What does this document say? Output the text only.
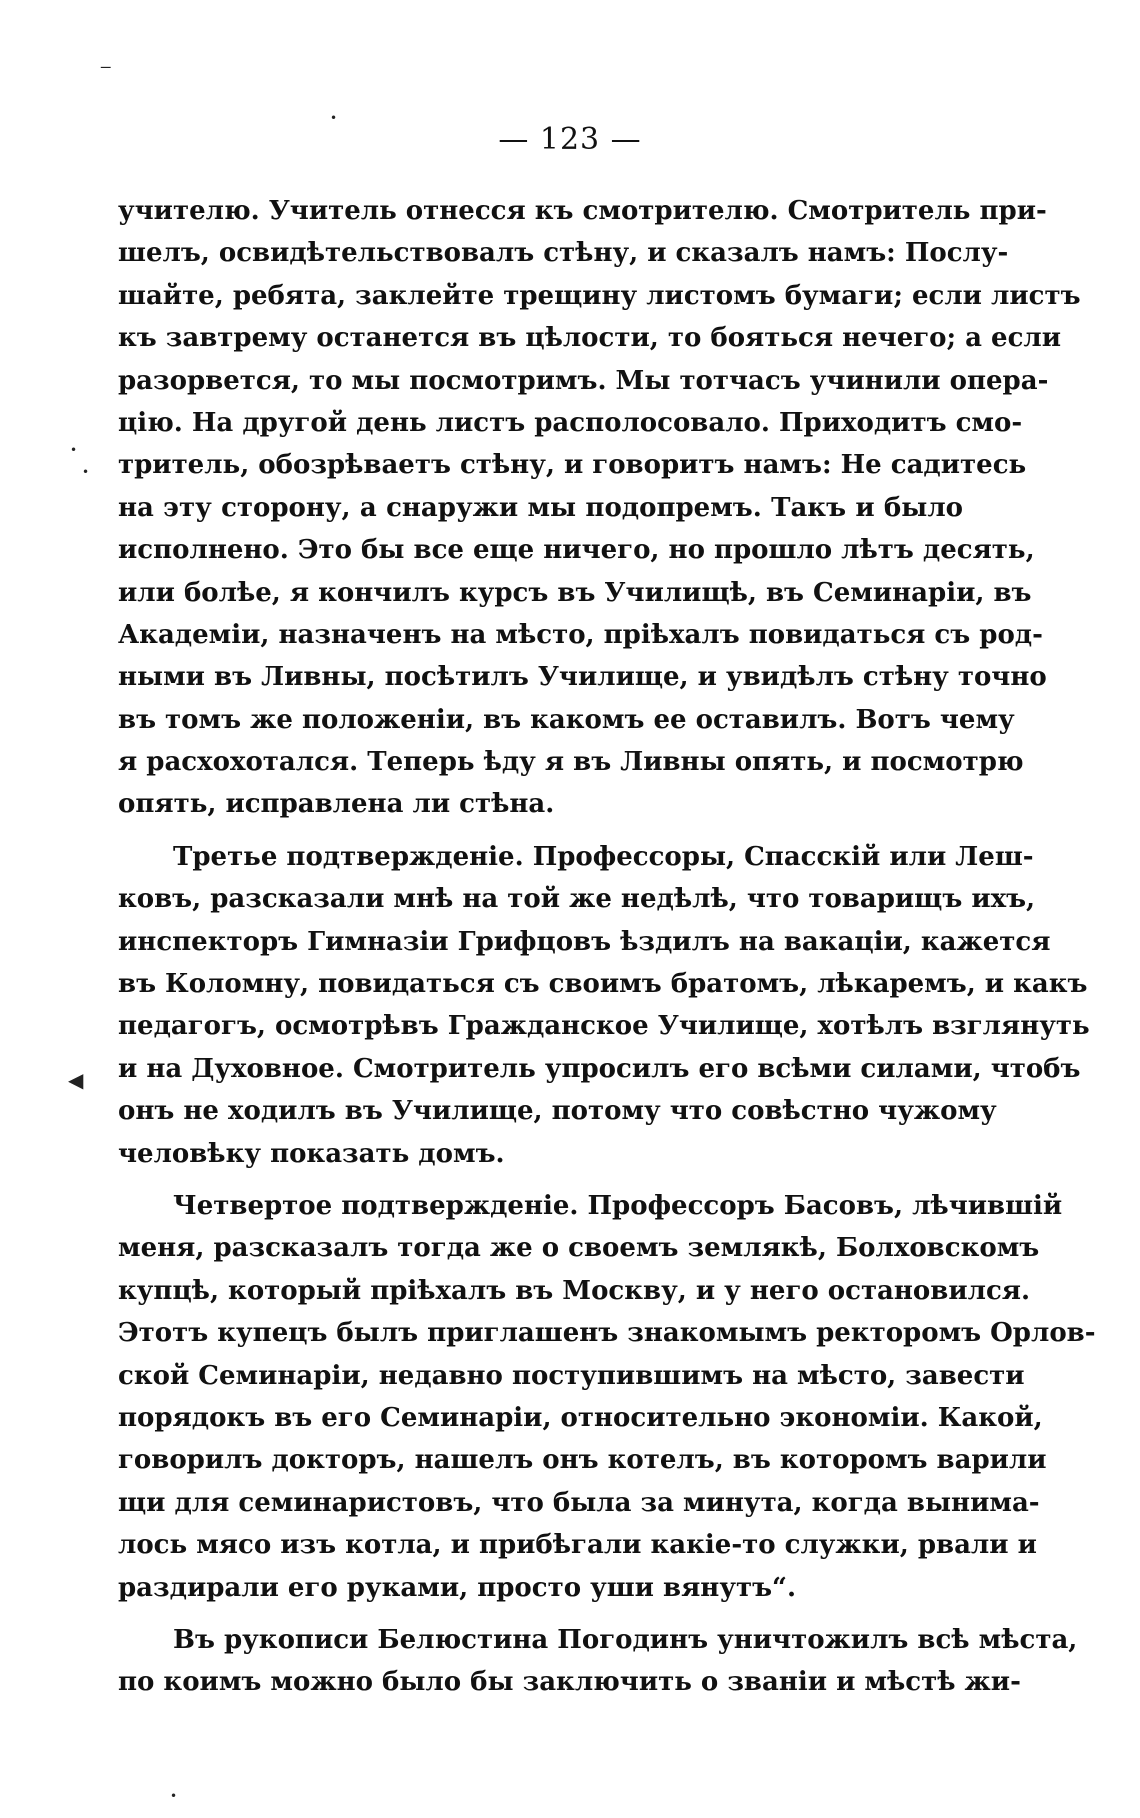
— 123 —
учителю. Учитель отнесся къ смотрителю. Смотритель при-
шелъ, освидѣтельствовалъ стѣну, и сказалъ намъ: Послу-
шайте, ребята, заклейте трещину листомъ бумаги; если листъ
къ завтрему останется въ цѣлости, то бояться нечего; а если
разорвется, то мы посмотримъ. Мы тотчасъ учинили опера-
цію. На другой день листъ располосовало. Приходитъ смо-
тритель, обозрѣваетъ стѣну, и говоритъ намъ: Не садитесь
на эту сторону, а снаружи мы подопремъ. Такъ и было
исполнено. Это бы все еще ничего, но прошло лѣтъ десять,
или болѣе, я кончилъ курсъ въ Училищѣ, въ Семинаріи, въ
Академіи, назначенъ на мѣсто, пріѣхалъ повидаться съ род-
ными въ Ливны, посѣтилъ Училище, и увидѣлъ стѣну точно
въ томъ же положеніи, въ какомъ ее оставилъ. Вотъ чему
я расхохотался. Теперь ѣду я въ Ливны опять, и посмотрю
опять, исправлена ли стѣна.
Третье подтвержденіе. Профессоры, Спасскій или Леш-
ковъ, разсказали мнѣ на той же недѣлѣ, что товарищъ ихъ,
инспекторъ Гимназіи Грифцовъ ѣздилъ на вакаціи, кажется
въ Коломну, повидаться съ своимъ братомъ, лѣкаремъ, и какъ
педагогъ, осмотрѣвъ Гражданское Училище, хотѣлъ взглянуть
и на Духовное. Смотритель упросилъ его всѣми силами, чтобъ
онъ не ходилъ въ Училище, потому что совѣстно чужому
человѣку показать домъ.
Четвертое подтвержденіе. Профессоръ Басовъ, лѣчившій
меня, разсказалъ тогда же о своемъ землякѣ, Болховскомъ
купцѣ, который пріѣхалъ въ Москву, и у него остановился.
Этотъ купецъ былъ приглашенъ знакомымъ ректоромъ Орлов-
ской Семинаріи, недавно поступившимъ на мѣсто, завести
порядокъ въ его Семинаріи, относительно экономіи. Какой,
говорилъ докторъ, нашелъ онъ котелъ, въ которомъ варили
щи для семинаристовъ, что была за минута, когда вынима-
лось мясо изъ котла, и прибѣгали какіе-то служки, рвали и
раздирали его руками, просто уши вянутъ“.
Въ рукописи Белюстина Погодинъ уничтожилъ всѣ мѣста,
по коимъ можно было бы заключить о званіи и мѣстѣ жи-
‒
•
•
•
◀
•
